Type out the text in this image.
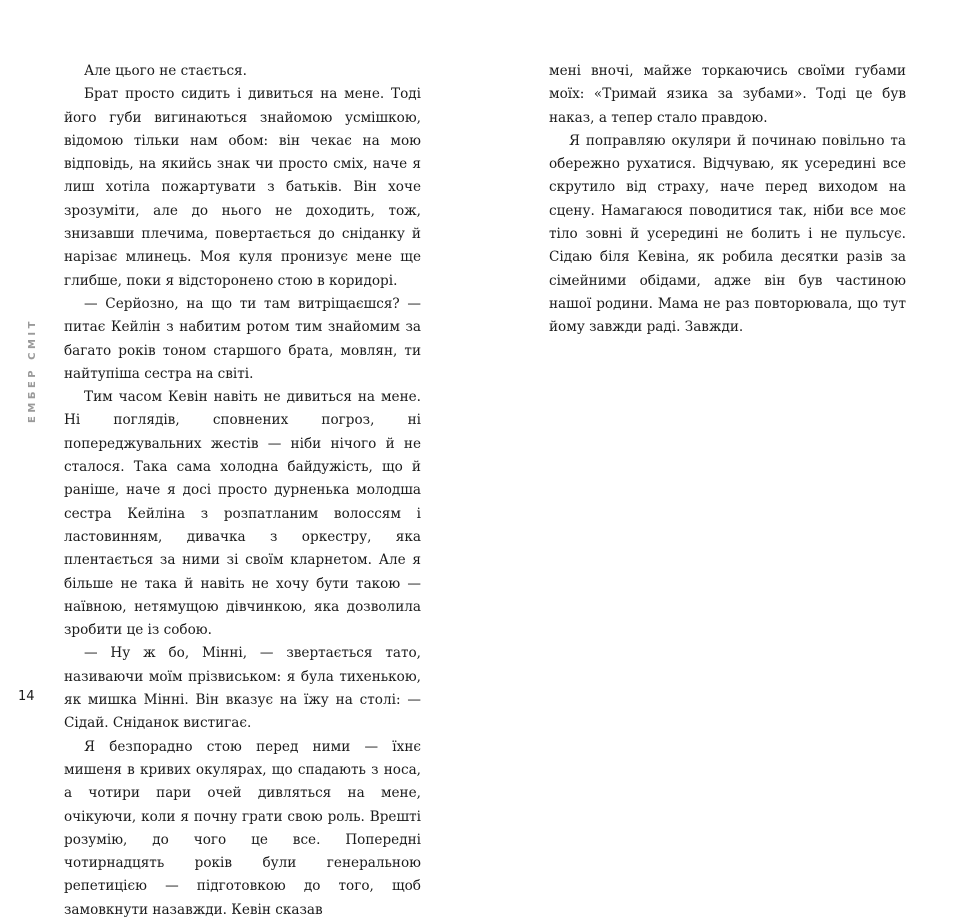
ЕМБЕР СМІТ

Але цього не стається.

Брат просто сидить і дивиться на мене. Тоді його губи вигинаються знайомою усмішкою, відомою тільки нам обом: він чекає на мою відповідь, на якийсь знак чи просто сміх, наче я лиш хотіла пожартувати з батьків. Він хоче зрозуміти, але до нього не доходить, тож, знизавши плечима, повертається до сніданку й нарізає млинець. Моя куля пронизує мене ще глибше, поки я відсторонено стою в коридорі.

— Серйозно, на що ти там витріщаєшся? — питає Кейлін з набитим ротом тим знайомим за багато років тоном старшого брата, мовлян, ти найтупіша сестра на світі.

Тим часом Кевін навіть не дивиться на мене. Ні поглядів, сповнених погроз, ні попереджувальних жестів — ніби нічого й не сталося. Така сама холодна байдужість, що й раніше, наче я досі просто дурненька молодша сестра Кейліна з розпатланим волоссям і ластовинням, дивачка з оркестру, яка плентається за ними зі своїм кларнетом. Але я більше не така й навіть не хочу бути такою — наївною, нетямущою дівчинкою, яка дозволила зробити це із собою.

— Ну ж бо, Мінні, — звертається тато, називаючи моїм прізвиськом: я була тихенькою, як мишка Мінні. Він вказує на їжу на столі: — Сідай. Сніданок вистигає.

Я безпорадно стою перед ними — їхнє мишеня в кривих окулярах, що спадають з носа, а чотири пари очей дивляться на мене, очікуючи, коли я почну грати свою роль. Врешті розумію, до чого це все. Попередні чотирнадцять років були генеральною репетицією — підготовкою до того, щоб замовкнути назавжди. Кевін сказав

14

мені вночі, майже торкаючись своїми губами моїх: «Тримай язика за зубами». Тоді це був наказ, а тепер стало правдою.

Я поправляю окуляри й починаю повільно та обережно рухатися. Відчуваю, як усередині все скрутило від страху, наче перед виходом на сцену. Намагаюся поводитися так, ніби все моє тіло зовні й усередині не болить і не пульсує. Сідаю біля Кевіна, як робила десятки разів за сімейними обідами, адже він був частиною нашої родини. Мама не раз повторювала, що тут йому завжди раді. Завжди.
